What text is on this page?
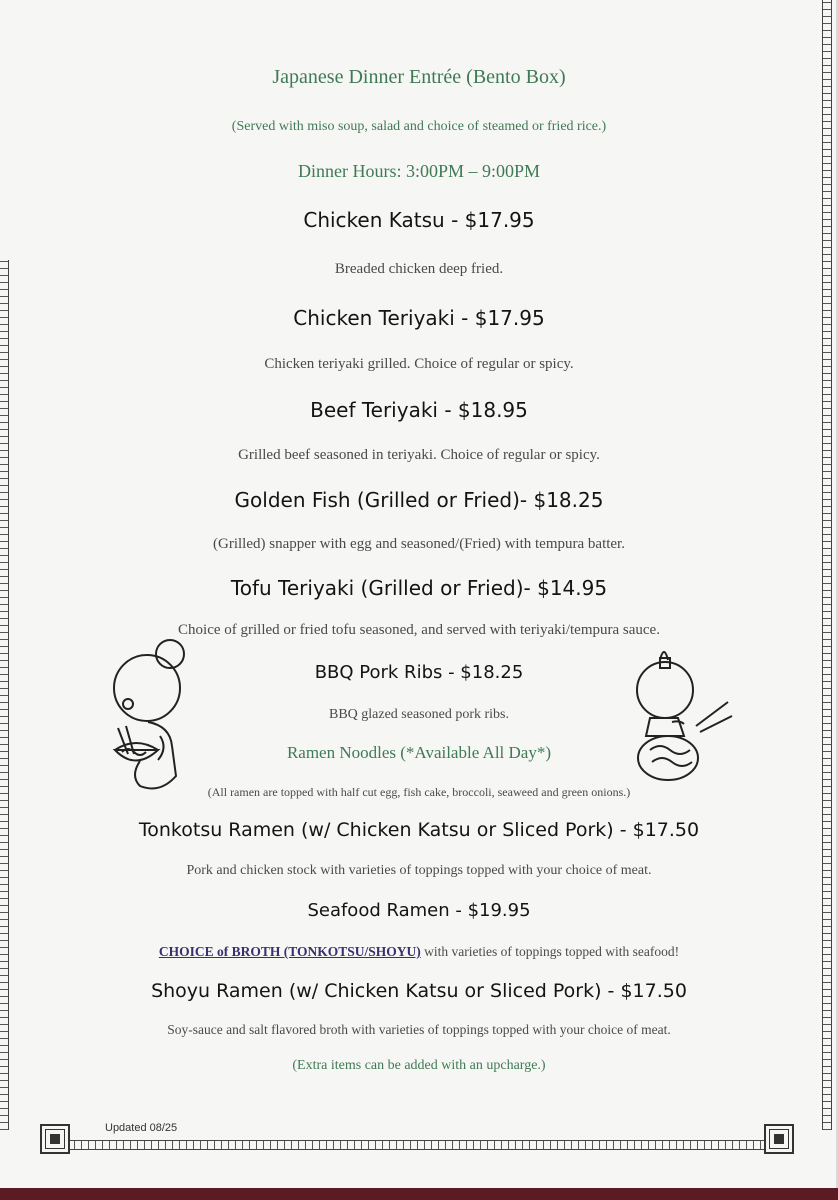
Japanese Dinner Entrée (Bento Box)
(Served with miso soup, salad and choice of steamed or fried rice.)
Dinner Hours: 3:00PM – 9:00PM
Chicken Katsu - $17.95
Breaded chicken deep fried.
Chicken Teriyaki - $17.95
Chicken teriyaki grilled. Choice of regular or spicy.
Beef Teriyaki - $18.95
Grilled beef seasoned in teriyaki. Choice of regular or spicy.
Golden Fish (Grilled or Fried)- $18.25
(Grilled) snapper with egg and seasoned/(Fried) with tempura batter.
Tofu Teriyaki (Grilled or Fried)- $14.95
Choice of grilled or fried tofu seasoned, and served with teriyaki/tempura sauce.
BBQ Pork Ribs - $18.25
BBQ glazed seasoned pork ribs.
Ramen Noodles (*Available All Day*)
(All ramen are topped with half cut egg, fish cake, broccoli, seaweed and green onions.)
Tonkotsu Ramen (w/ Chicken Katsu or Sliced Pork) - $17.50
Pork and chicken stock with varieties of toppings topped with your choice of meat.
Seafood Ramen - $19.95
CHOICE of BROTH (TONKOTSU/SHOYU) with varieties of toppings topped with seafood!
Shoyu Ramen (w/ Chicken Katsu or Sliced Pork) - $17.50
Soy-sauce and salt flavored broth with varieties of toppings topped with your choice of meat.
(Extra items can be added with an upcharge.)
Updated 08/25
